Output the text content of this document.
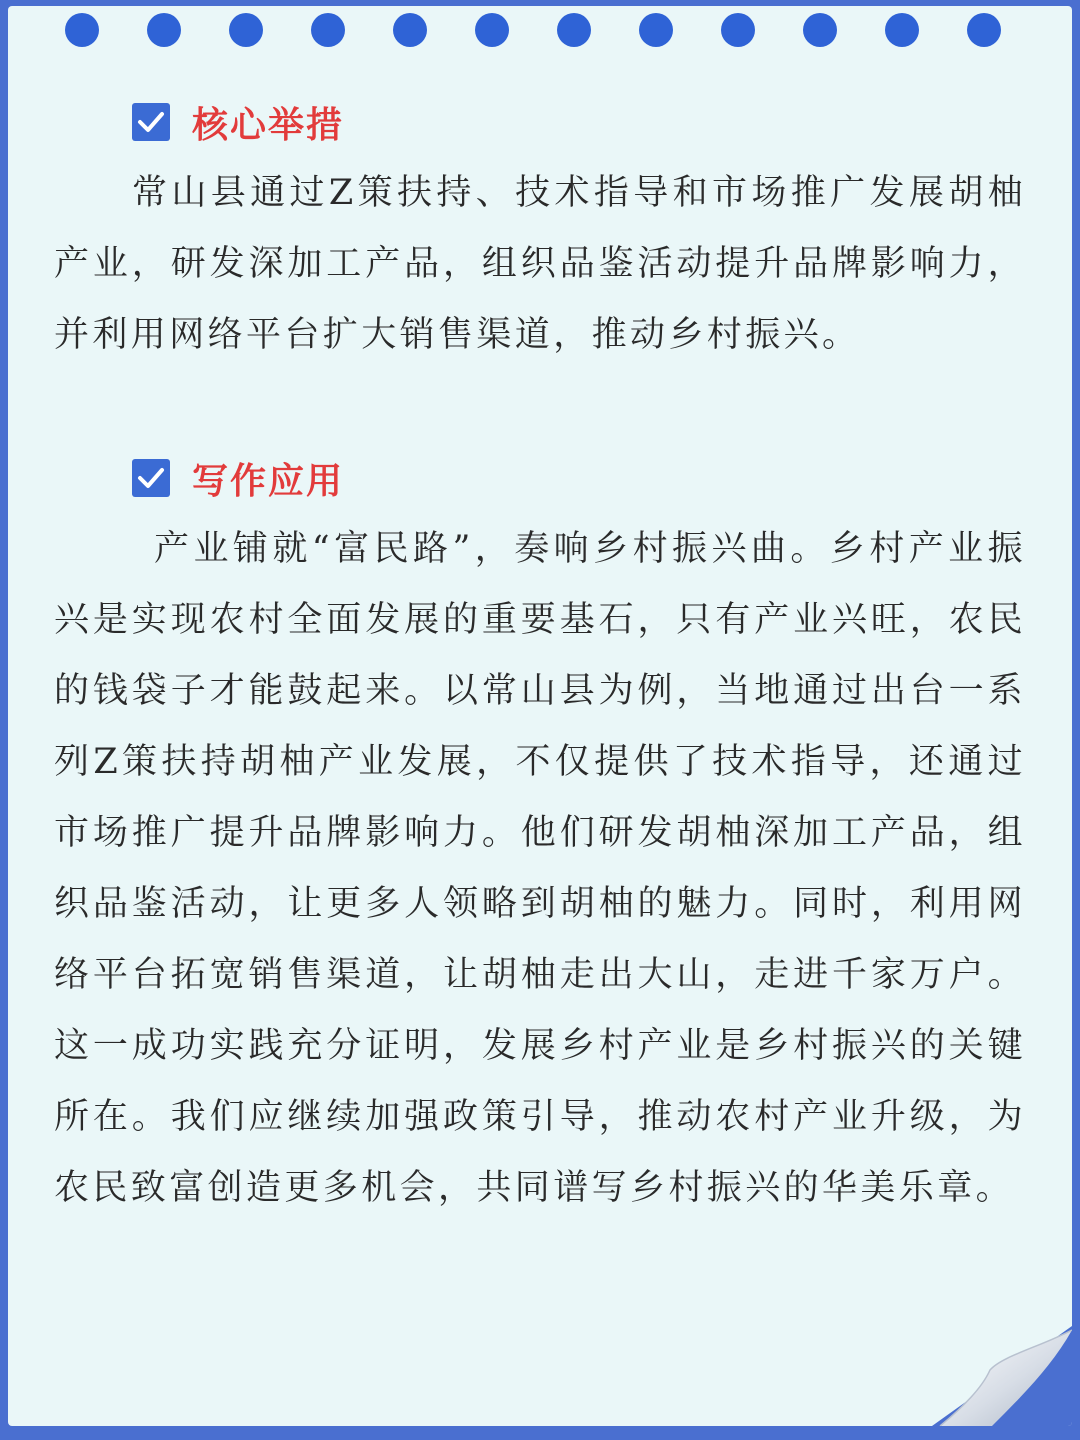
核心举措

常山县通过Z策扶持、技术指导和市场推广发展胡柚产业，研发深加工产品，组织品鉴活动提升品牌影响力，并利用网络平台扩大销售渠道，推动乡村振兴。

写作应用

产业铺就“富民路”，奏响乡村振兴曲。乡村产业振兴是实现农村全面发展的重要基石，只有产业兴旺，农民的钱袋子才能鼓起来。以常山县为例，当地通过出台一系列Z策扶持胡柚产业发展，不仅提供了技术指导，还通过市场推广提升品牌影响力。他们研发胡柚深加工产品，组织品鉴活动，让更多人领略到胡柚的魅力。同时，利用网络平台拓宽销售渠道，让胡柚走出大山，走进千家万户。这一成功实践充分证明，发展乡村产业是乡村振兴的关键所在。我们应继续加强政策引导，推动农村产业升级，为农民致富创造更多机会，共同谱写乡村振兴的华美乐章。
